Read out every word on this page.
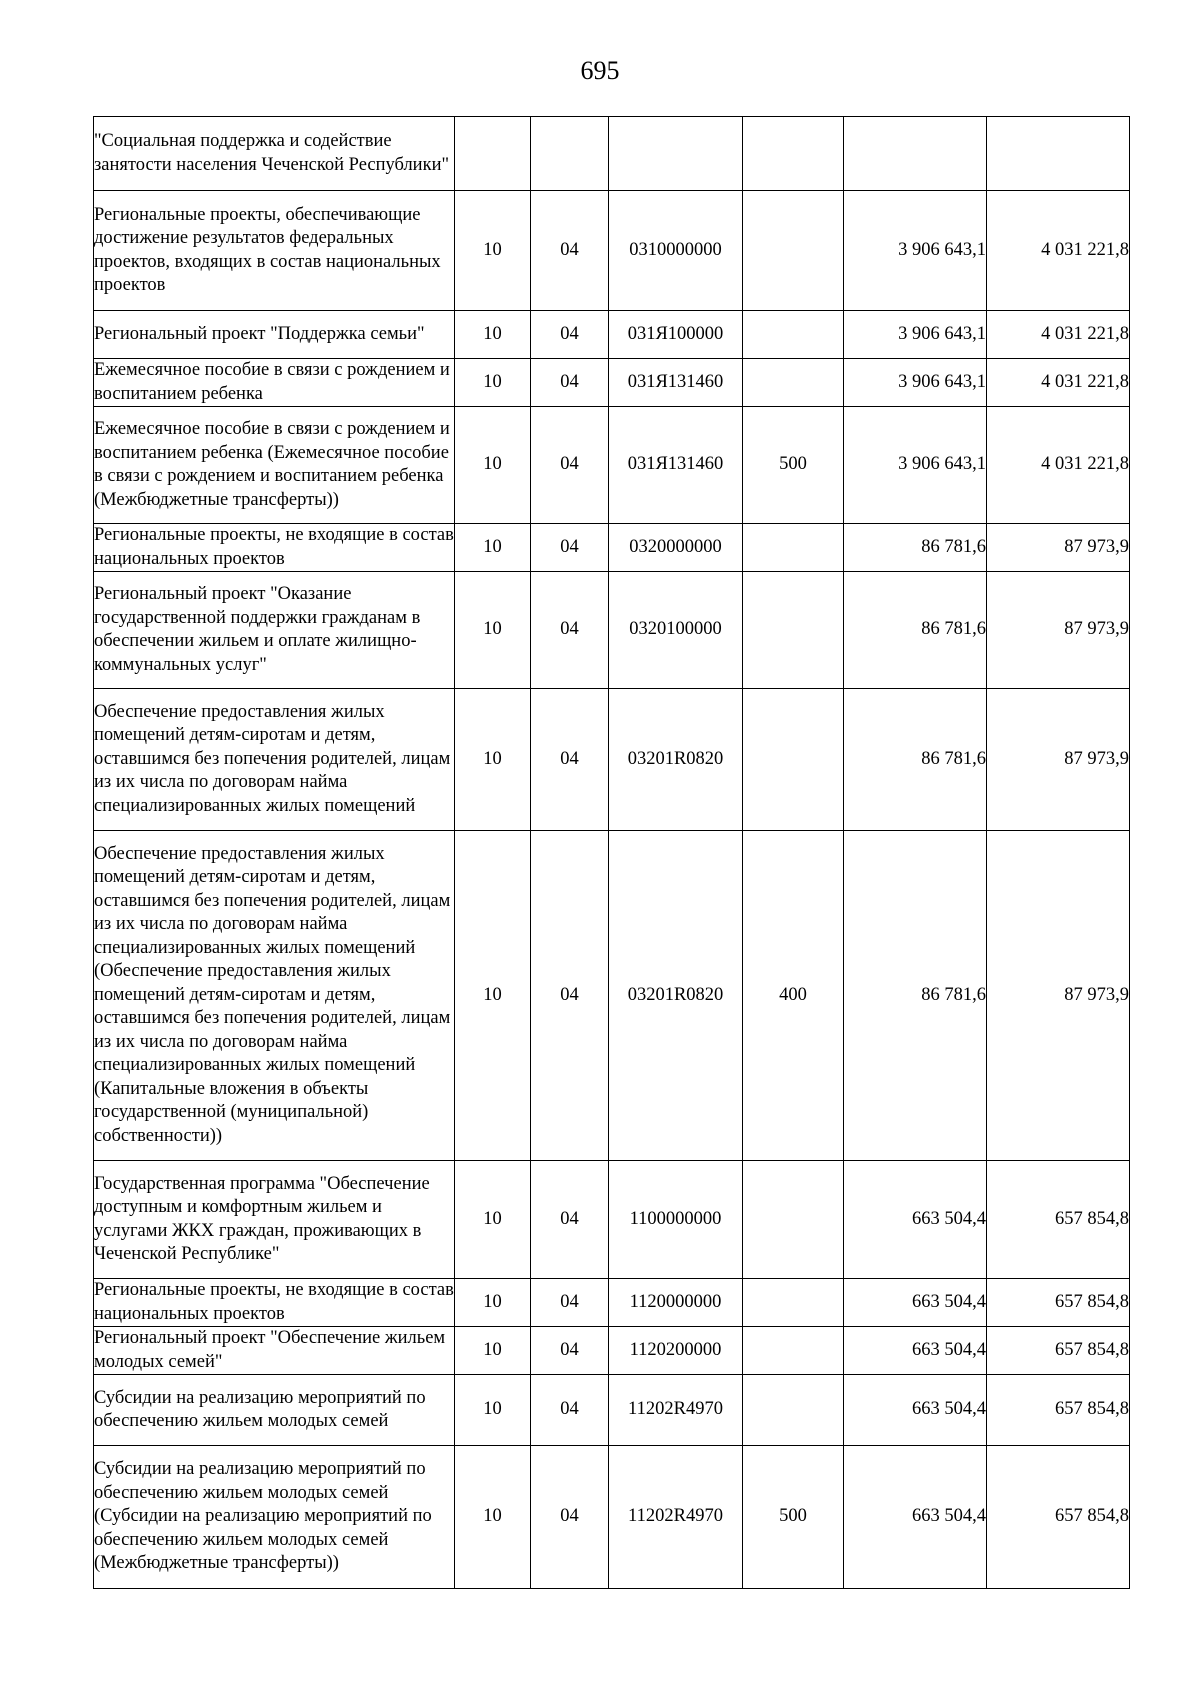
695
"Социальная поддержка и содействие занятости населения Чеченской Республики"						
Региональные проекты, обеспечивающие достижение результатов федеральных проектов, входящих в состав национальных проектов	10	04	0310000000		3 906 643,1	4 031 221,8
Региональный проект "Поддержка семьи"	10	04	031Я100000		3 906 643,1	4 031 221,8
Ежемесячное пособие в связи с рождением и воспитанием ребенка	10	04	031Я131460		3 906 643,1	4 031 221,8
Ежемесячное пособие в связи с рождением и воспитанием ребенка (Ежемесячное пособие в связи с рождением и воспитанием ребенка (Межбюджетные трансферты))	10	04	031Я131460	500	3 906 643,1	4 031 221,8
Региональные проекты, не входящие в состав национальных проектов	10	04	0320000000		86 781,6	87 973,9
Региональный проект "Оказание государственной поддержки гражданам в обеспечении жильем и оплате жилищно-коммунальных услуг"	10	04	0320100000		86 781,6	87 973,9
Обеспечение предоставления жилых помещений детям-сиротам и детям, оставшимся без попечения родителей, лицам из их числа по договорам найма специализированных жилых помещений	10	04	03201R0820		86 781,6	87 973,9
Обеспечение предоставления жилых помещений детям-сиротам и детям, оставшимся без попечения родителей, лицам из их числа по договорам найма специализированных жилых помещений (Обеспечение предоставления жилых помещений детям-сиротам и детям, оставшимся без попечения родителей, лицам из их числа по договорам найма специализированных жилых помещений (Капитальные вложения в объекты государственной (муниципальной) собственности))	10	04	03201R0820	400	86 781,6	87 973,9
Государственная программа "Обеспечение доступным и комфортным жильем и услугами ЖКХ граждан, проживающих в Чеченской Республике"	10	04	1100000000		663 504,4	657 854,8
Региональные проекты, не входящие в состав национальных проектов	10	04	1120000000		663 504,4	657 854,8
Региональный проект "Обеспечение жильем молодых семей"	10	04	1120200000		663 504,4	657 854,8
Субсидии на реализацию мероприятий по обеспечению жильем молодых семей	10	04	11202R4970		663 504,4	657 854,8
Субсидии на реализацию мероприятий по обеспечению жильем молодых семей (Субсидии на реализацию мероприятий по обеспечению жильем молодых семей (Межбюджетные трансферты))	10	04	11202R4970	500	663 504,4	657 854,8
